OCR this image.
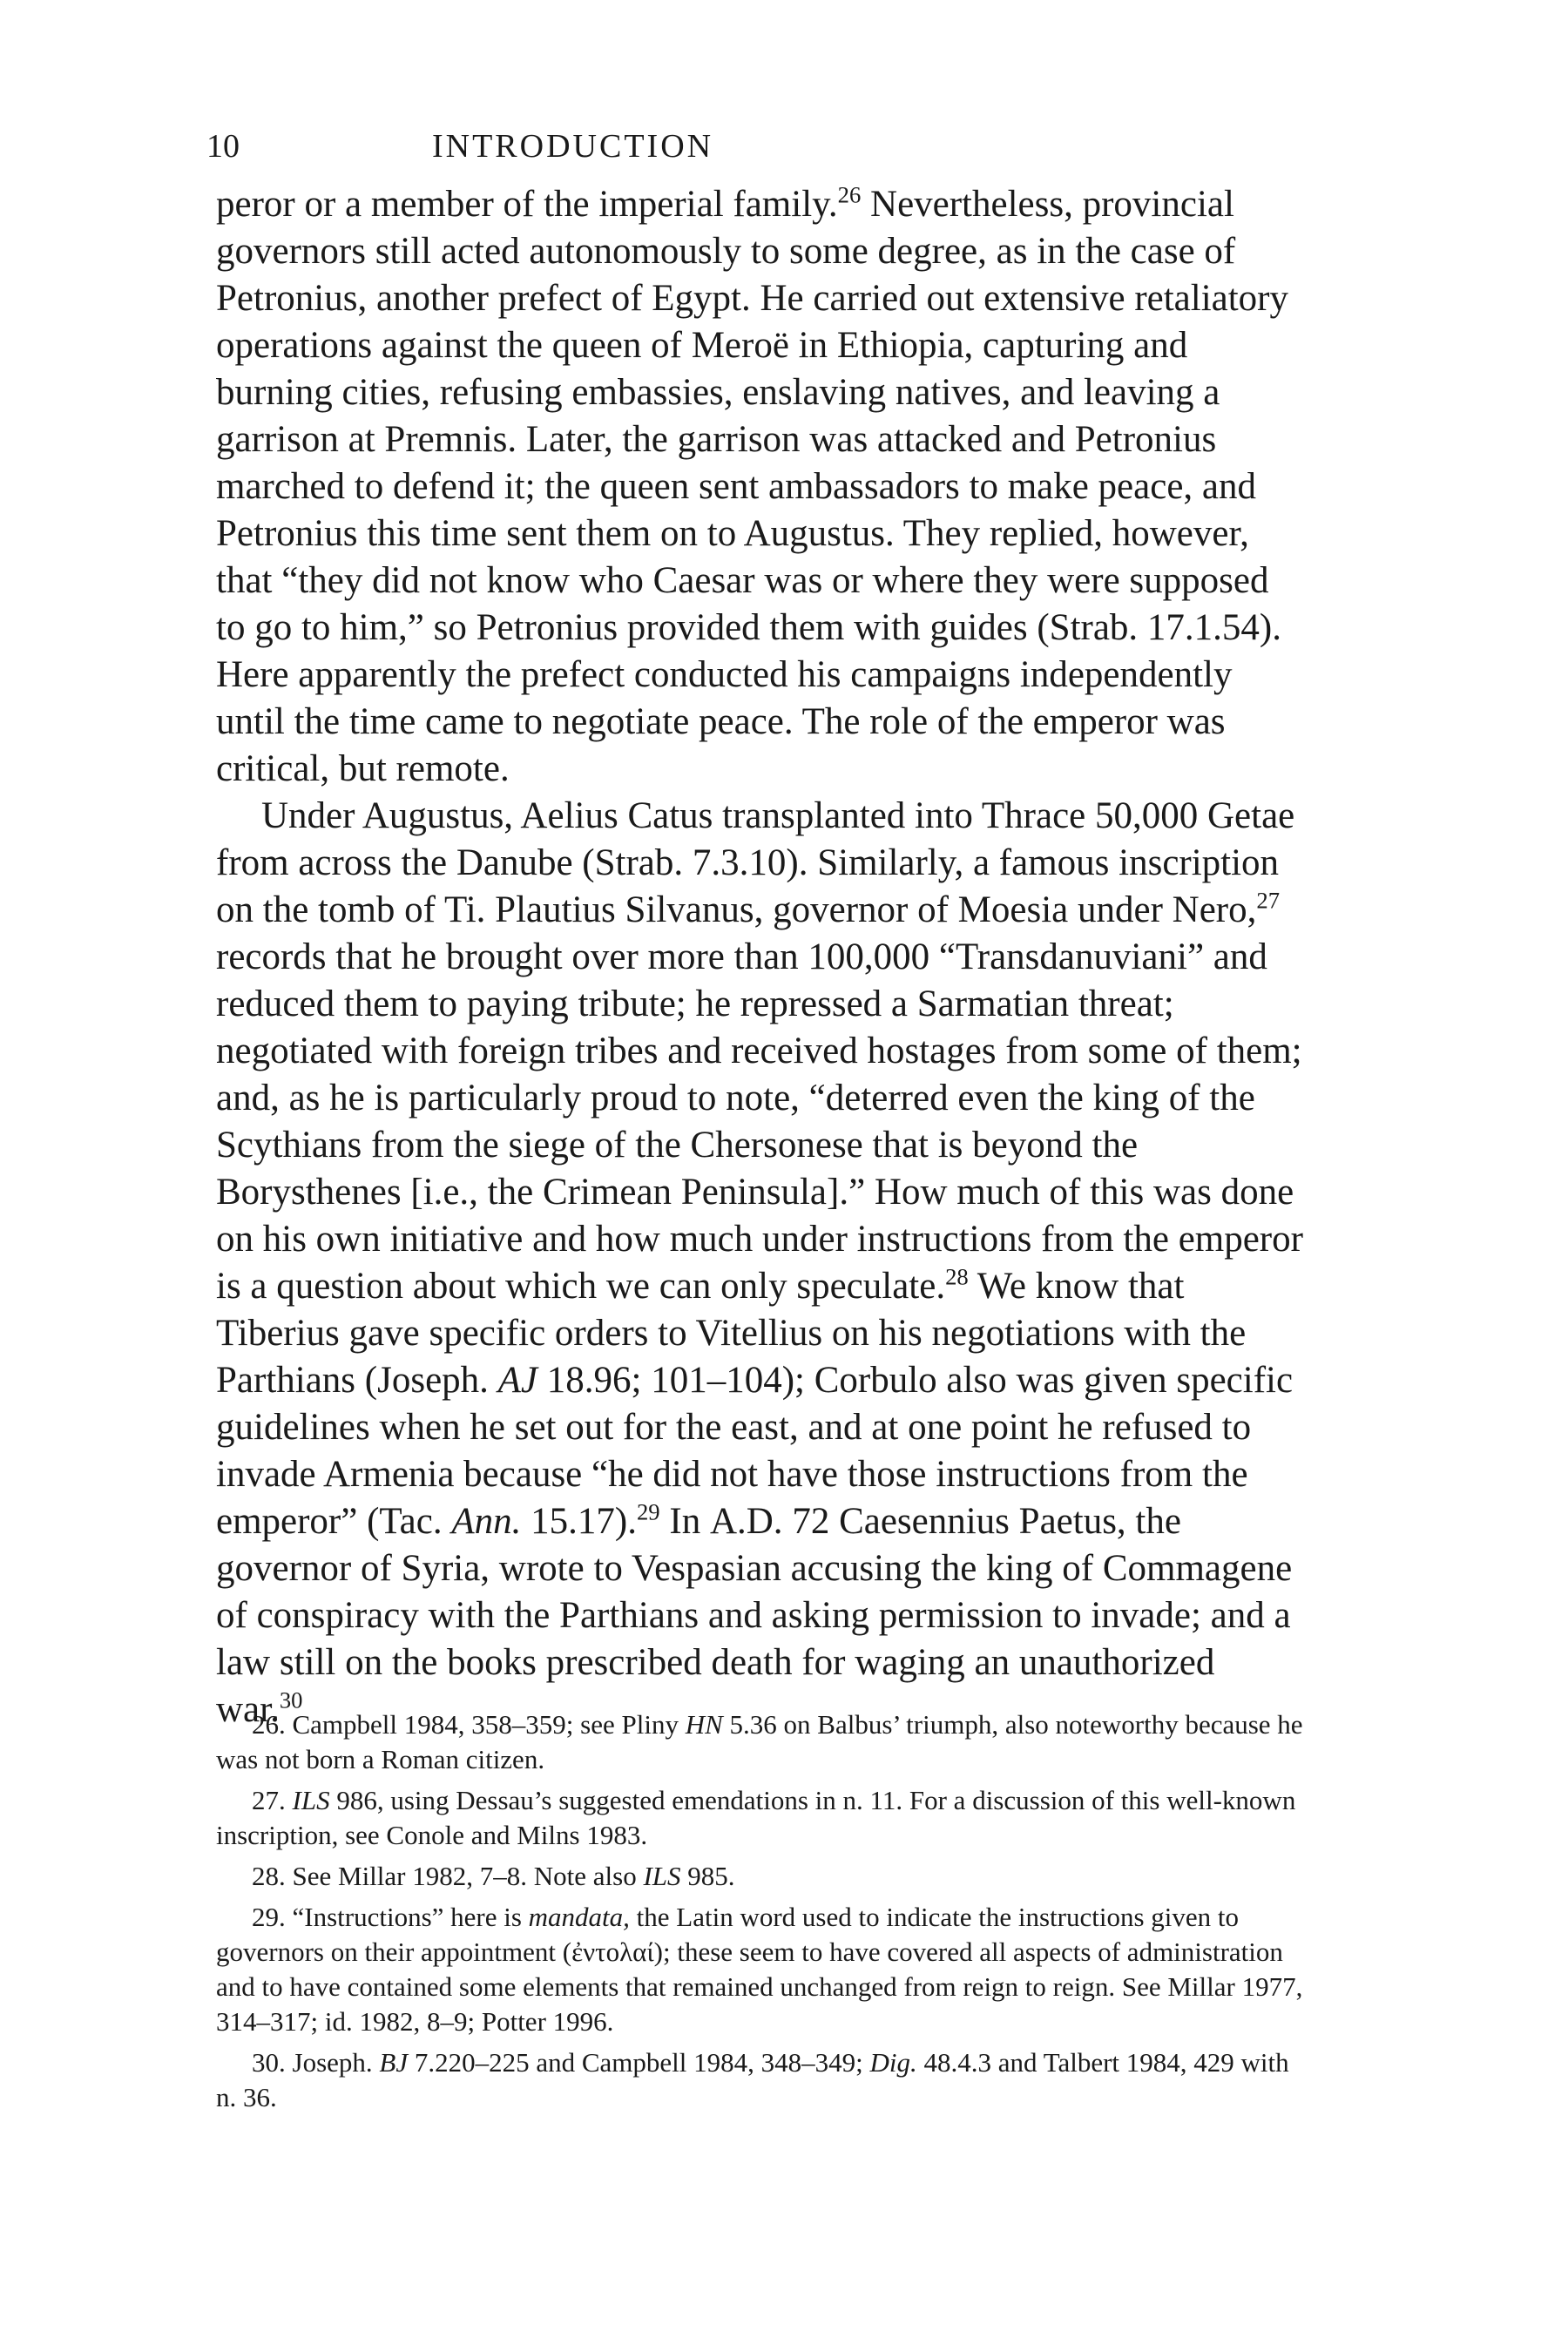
10	INTRODUCTION

peror or a member of the imperial family.$^{26}$ Nevertheless, provincial governors still acted autonomously to some degree, as in the case of Petronius, another prefect of Egypt. He carried out extensive retaliatory operations against the queen of Meroë in Ethiopia, capturing and burning cities, refusing embassies, enslaving natives, and leaving a garrison at Premnis. Later, the garrison was attacked and Petronius marched to defend it; the queen sent ambassadors to make peace, and Petronius this time sent them on to Augustus. They replied, however, that “they did not know who Caesar was or where they were supposed to go to him,” so Petronius provided them with guides (Strab. 17.1.54). Here apparently the prefect conducted his campaigns independently until the time came to negotiate peace. The role of the emperor was critical, but remote.

Under Augustus, Aelius Catus transplanted into Thrace 50,000 Getae from across the Danube (Strab. 7.3.10). Similarly, a famous inscription on the tomb of Ti. Plautius Silvanus, governor of Moesia under Nero,$^{27}$ records that he brought over more than 100,000 “Transdanuviani” and reduced them to paying tribute; he repressed a Sarmatian threat; negotiated with foreign tribes and received hostages from some of them; and, as he is particularly proud to note, “deterred even the king of the Scythians from the siege of the Chersonese that is beyond the Borysthenes [i.e., the Crimean Peninsula].” How much of this was done on his own initiative and how much under instructions from the emperor is a question about which we can only speculate.$^{28}$ We know that Tiberius gave specific orders to Vitellius on his negotiations with the Parthians (Joseph. AJ 18.96; 101–104); Corbulo also was given specific guidelines when he set out for the east, and at one point he refused to invade Armenia because “he did not have those instructions from the emperor” (Tac. Ann. 15.17).$^{29}$ In A.D. 72 Caesennius Paetus, the governor of Syria, wrote to Vespasian accusing the king of Commagene of conspiracy with the Parthians and asking permission to invade; and a law still on the books prescribed death for waging an unauthorized war.$^{30}$

26. Campbell 1984, 358–359; see Pliny HN 5.36 on Balbus’ triumph, also noteworthy because he was not born a Roman citizen.

27. ILS 986, using Dessau’s suggested emendations in n. 11. For a discussion of this well-known inscription, see Conole and Milns 1983.

28. See Millar 1982, 7–8. Note also ILS 985.

29. “Instructions” here is mandata, the Latin word used to indicate the instructions given to governors on their appointment (ἐντολαί); these seem to have covered all aspects of administration and to have contained some elements that remained unchanged from reign to reign. See Millar 1977, 314–317; id. 1982, 8–9; Potter 1996.

30. Joseph. BJ 7.220–225 and Campbell 1984, 348–349; Dig. 48.4.3 and Talbert 1984, 429 with n. 36.
